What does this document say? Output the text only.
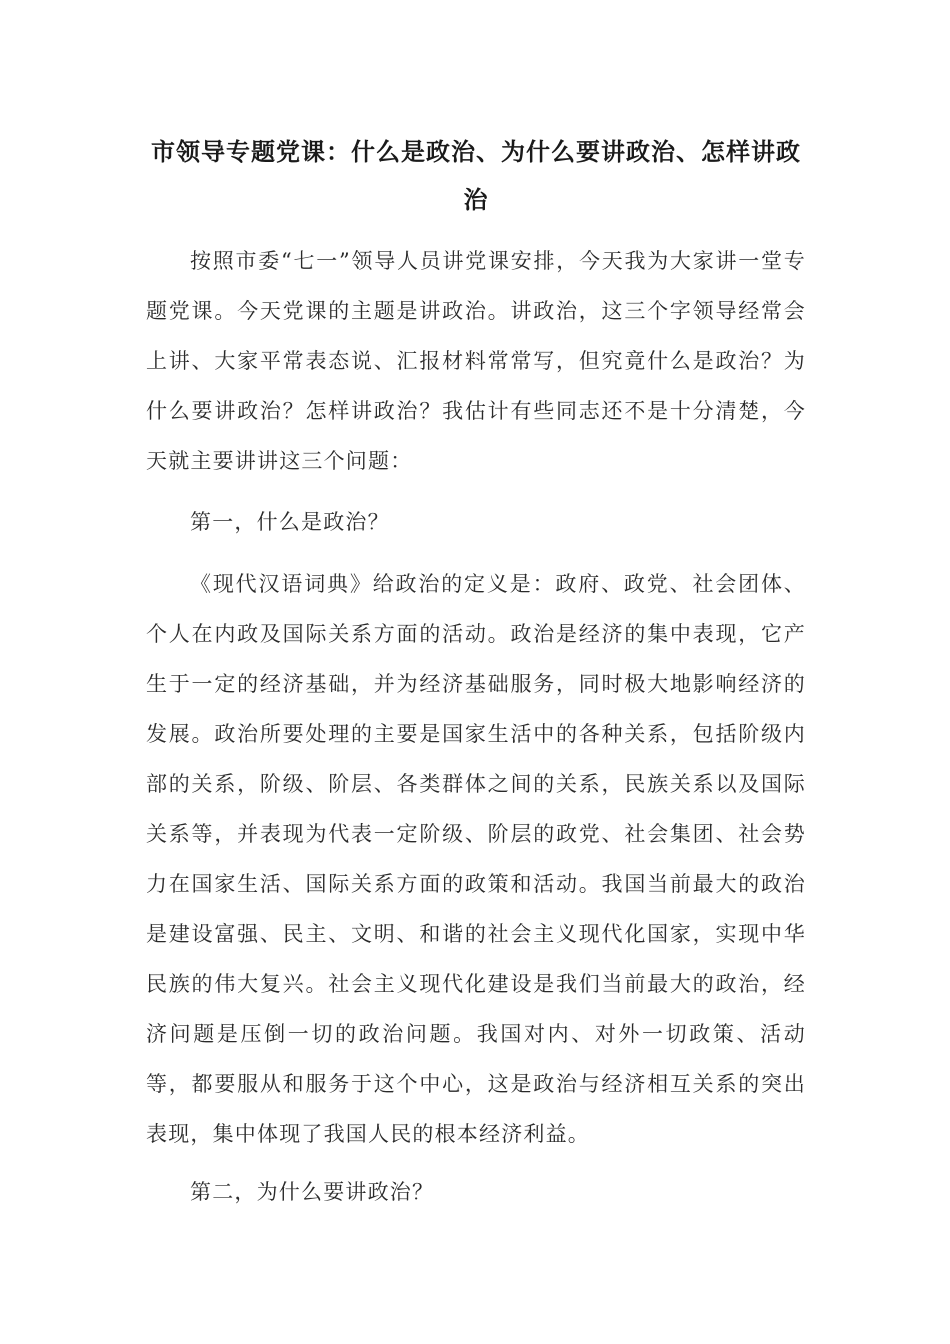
市领导专题党课：什么是政治、为什么要讲政治、怎样讲政治

按照市委“七一”领导人员讲党课安排，今天我为大家讲一堂专题党课。今天党课的主题是讲政治。讲政治，这三个字领导经常会上讲、大家平常表态说、汇报材料常常写，但究竟什么是政治？为什么要讲政治？怎样讲政治？我估计有些同志还不是十分清楚，今天就主要讲讲这三个问题：

第一，什么是政治？

《现代汉语词典》给政治的定义是：政府、政党、社会团体、个人在内政及国际关系方面的活动。政治是经济的集中表现，它产生于一定的经济基础，并为经济基础服务，同时极大地影响经济的发展。政治所要处理的主要是国家生活中的各种关系，包括阶级内部的关系，阶级、阶层、各类群体之间的关系，民族关系以及国际关系等，并表现为代表一定阶级、阶层的政党、社会集团、社会势力在国家生活、国际关系方面的政策和活动。我国当前最大的政治是建设富强、民主、文明、和谐的社会主义现代化国家，实现中华民族的伟大复兴。社会主义现代化建设是我们当前最大的政治，经济问题是压倒一切的政治问题。我国对内、对外一切政策、活动等，都要服从和服务于这个中心，这是政治与经济相互关系的突出表现，集中体现了我国人民的根本经济利益。

第二，为什么要讲政治？
